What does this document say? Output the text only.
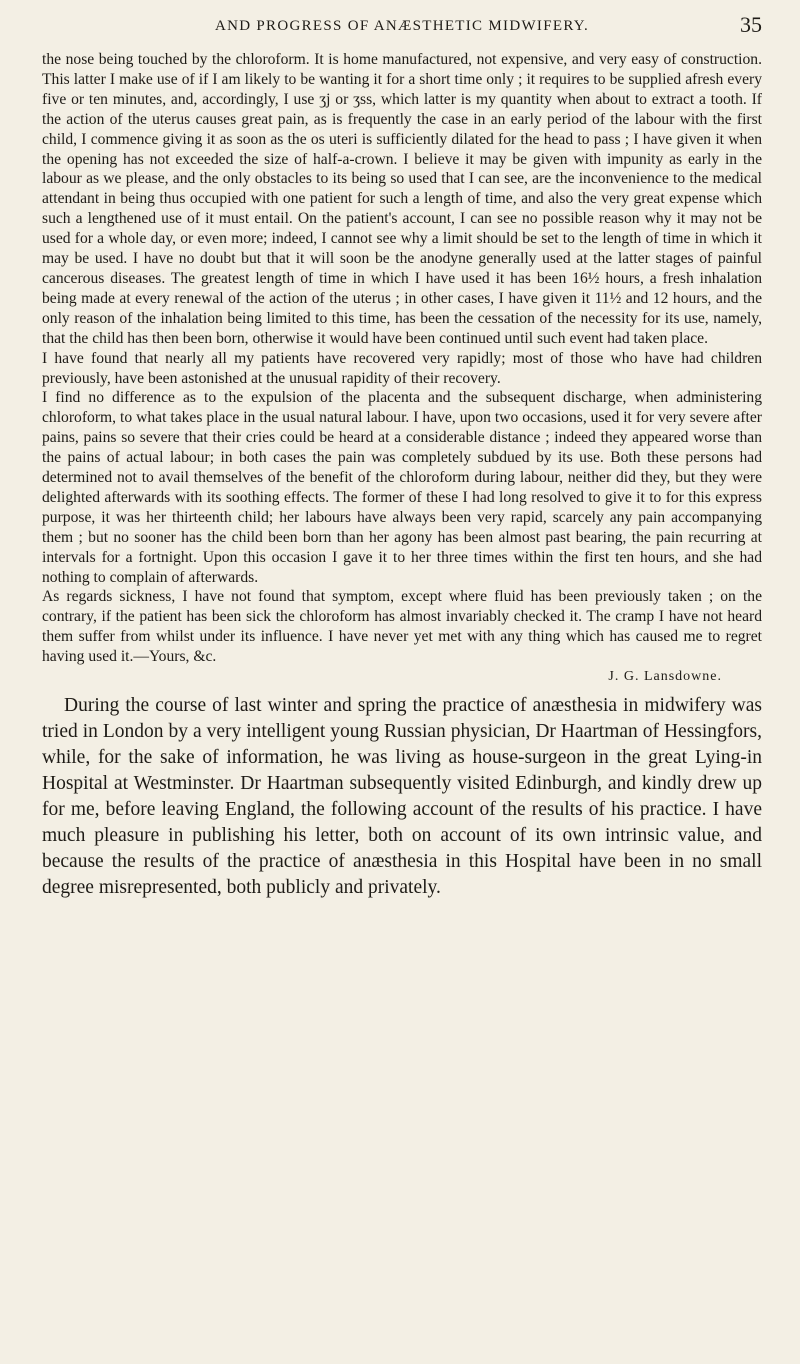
AND PROGRESS OF ANÆSTHETIC MIDWIFERY.	35

the nose being touched by the chloroform. It is home manufactured, not expensive, and very easy of construction. This latter I make use of if I am likely to be wanting it for a short time only ; it requires to be supplied afresh every five or ten minutes, and, accordingly, I use ʒj or ʒss, which latter is my quantity when about to extract a tooth. If the action of the uterus causes great pain, as is frequently the case in an early period of the labour with the first child, I commence giving it as soon as the os uteri is sufficiently dilated for the head to pass ; I have given it when the opening has not exceeded the size of half-a-crown. I believe it may be given with impunity as early in the labour as we please, and the only obstacles to its being so used that I can see, are the inconvenience to the medical attendant in being thus occupied with one patient for such a length of time, and also the very great expense which such a lengthened use of it must entail. On the patient's account, I can see no possible reason why it may not be used for a whole day, or even more; indeed, I cannot see why a limit should be set to the length of time in which it may be used. I have no doubt but that it will soon be the anodyne generally used at the latter stages of painful cancerous diseases. The greatest length of time in which I have used it has been 16½ hours, a fresh inhalation being made at every renewal of the action of the uterus ; in other cases, I have given it 11½ and 12 hours, and the only reason of the inhalation being limited to this time, has been the cessation of the necessity for its use, namely, that the child has then been born, otherwise it would have been continued until such event had taken place.

I have found that nearly all my patients have recovered very rapidly; most of those who have had children previously, have been astonished at the unusual rapidity of their recovery.

I find no difference as to the expulsion of the placenta and the subsequent discharge, when administering chloroform, to what takes place in the usual natural labour. I have, upon two occasions, used it for very severe after pains, pains so severe that their cries could be heard at a considerable distance ; indeed they appeared worse than the pains of actual labour; in both cases the pain was completely subdued by its use. Both these persons had determined not to avail themselves of the benefit of the chloroform during labour, neither did they, but they were delighted afterwards with its soothing effects. The former of these I had long resolved to give it to for this express purpose, it was her thirteenth child; her labours have always been very rapid, scarcely any pain accompanying them ; but no sooner has the child been born than her agony has been almost past bearing, the pain recurring at intervals for a fortnight. Upon this occasion I gave it to her three times within the first ten hours, and she had nothing to complain of afterwards.

As regards sickness, I have not found that symptom, except where fluid has been previously taken ; on the contrary, if the patient has been sick the chloroform has almost invariably checked it. The cramp I have not heard them suffer from whilst under its influence. I have never yet met with any thing which has caused me to regret having used it.—Yours, &c.

J. G. Lansdowne.

During the course of last winter and spring the practice of anæsthesia in midwifery was tried in London by a very intelligent young Russian physician, Dr Haartman of Hessingfors, while, for the sake of information, he was living as house-surgeon in the great Lying-in Hospital at Westminster. Dr Haartman subsequently visited Edinburgh, and kindly drew up for me, before leaving England, the following account of the results of his practice. I have much pleasure in publishing his letter, both on account of its own intrinsic value, and because the results of the practice of anæsthesia in this Hospital have been in no small degree misrepresented, both publicly and privately.
